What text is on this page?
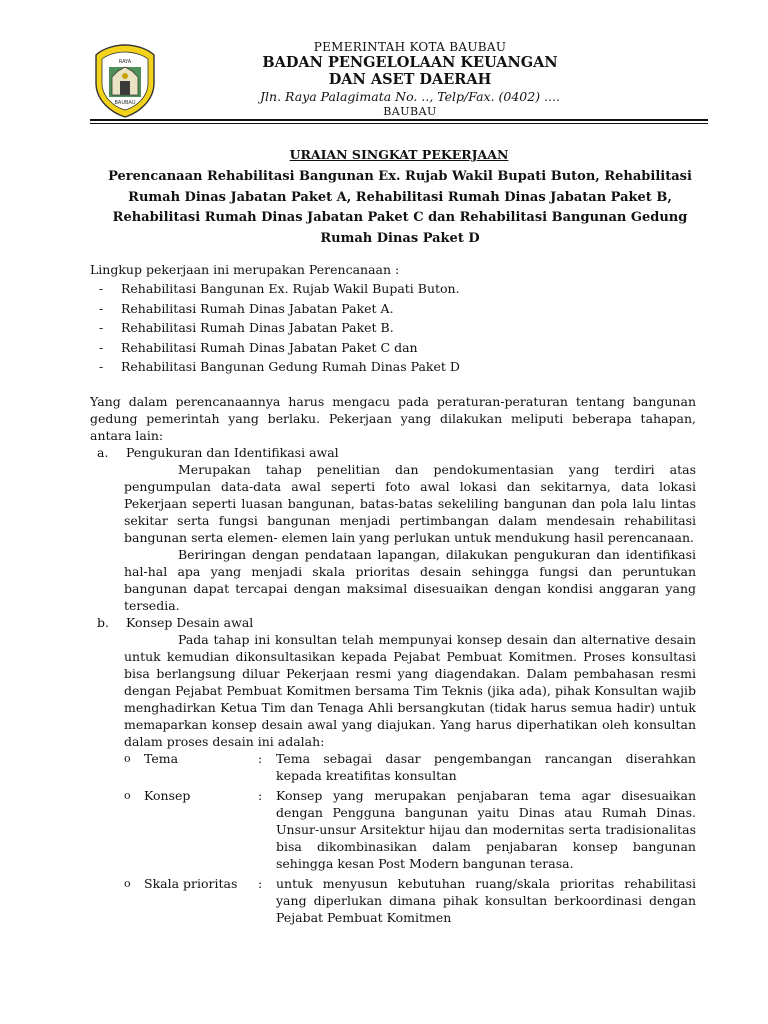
RAYA
BAUBAU
PEMERINTAH KOTA BAUBAU
BADAN PENGELOLAAN KEUANGAN
DAN ASET DAERAH
Jln. Raya Palagimata No. .., Telp/Fax. (0402) ....
BAUBAU
URAIAN SINGKAT PEKERJAAN
Perencanaan Rehabilitasi Bangunan Ex. Rujab Wakil Bupati Buton, Rehabilitasi Rumah Dinas Jabatan Paket A, Rehabilitasi Rumah Dinas Jabatan Paket B, Rehabilitasi Rumah Dinas Jabatan Paket C dan Rehabilitasi Bangunan Gedung Rumah Dinas Paket D
Lingkup pekerjaan ini merupakan Perencanaan :
- Rehabilitasi Bangunan Ex. Rujab Wakil Bupati Buton.
- Rehabilitasi Rumah Dinas Jabatan Paket A.
- Rehabilitasi Rumah Dinas Jabatan Paket B.
- Rehabilitasi Rumah Dinas Jabatan Paket C dan
- Rehabilitasi Bangunan Gedung Rumah Dinas Paket D

Yang dalam perencanaannya harus mengacu pada peraturan-peraturan tentang bangunan gedung pemerintah yang berlaku. Pekerjaan yang dilakukan meliputi beberapa tahapan, antara lain:

a. Pengukuran dan Identifikasi awal

Merupakan tahap penelitian dan pendokumentasian yang terdiri atas pengumpulan data-data awal seperti foto awal lokasi dan sekitarnya, data lokasi Pekerjaan seperti luasan bangunan, batas-batas sekeliling bangunan dan pola lalu lintas sekitar serta fungsi bangunan menjadi pertimbangan dalam mendesain rehabilitasi bangunan serta elemen- elemen lain yang perlukan untuk mendukung hasil perencanaan.

Beriringan dengan pendataan lapangan, dilakukan pengukuran dan identifikasi hal-hal apa yang menjadi skala prioritas desain sehingga fungsi dan peruntukan bangunan dapat tercapai dengan maksimal disesuaikan dengan kondisi anggaran yang tersedia.

b. Konsep Desain awal

Pada tahap ini konsultan telah mempunyai konsep desain dan alternative desain untuk kemudian dikonsultasikan kepada Pejabat Pembuat Komitmen. Proses konsultasi bisa berlangsung diluar Pekerjaan resmi yang diagendakan. Dalam pembahasan resmi dengan Pejabat Pembuat Komitmen bersama Tim Teknis (jika ada), pihak Konsultan wajib menghadirkan Ketua Tim dan Tenaga Ahli bersangkutan (tidak harus semua hadir) untuk memaparkan konsep desain awal yang diajukan. Yang harus diperhatikan oleh konsultan dalam proses desain ini adalah:

o	Tema	:	Tema sebagai dasar pengembangan rancangan diserahkan kepada kreatifitas konsultan
o	Konsep	:	Konsep yang merupakan penjabaran tema agar disesuaikan dengan Pengguna bangunan yaitu Dinas atau Rumah Dinas. Unsur-unsur Arsitektur hijau dan modernitas serta tradisionalitas bisa dikombinasikan dalam penjabaran konsep bangunan sehingga kesan Post Modern bangunan terasa.
o	Skala prioritas	:	untuk menyusun kebutuhan ruang/skala prioritas rehabilitasi yang diperlukan dimana pihak konsultan berkoordinasi dengan Pejabat Pembuat Komitmen
